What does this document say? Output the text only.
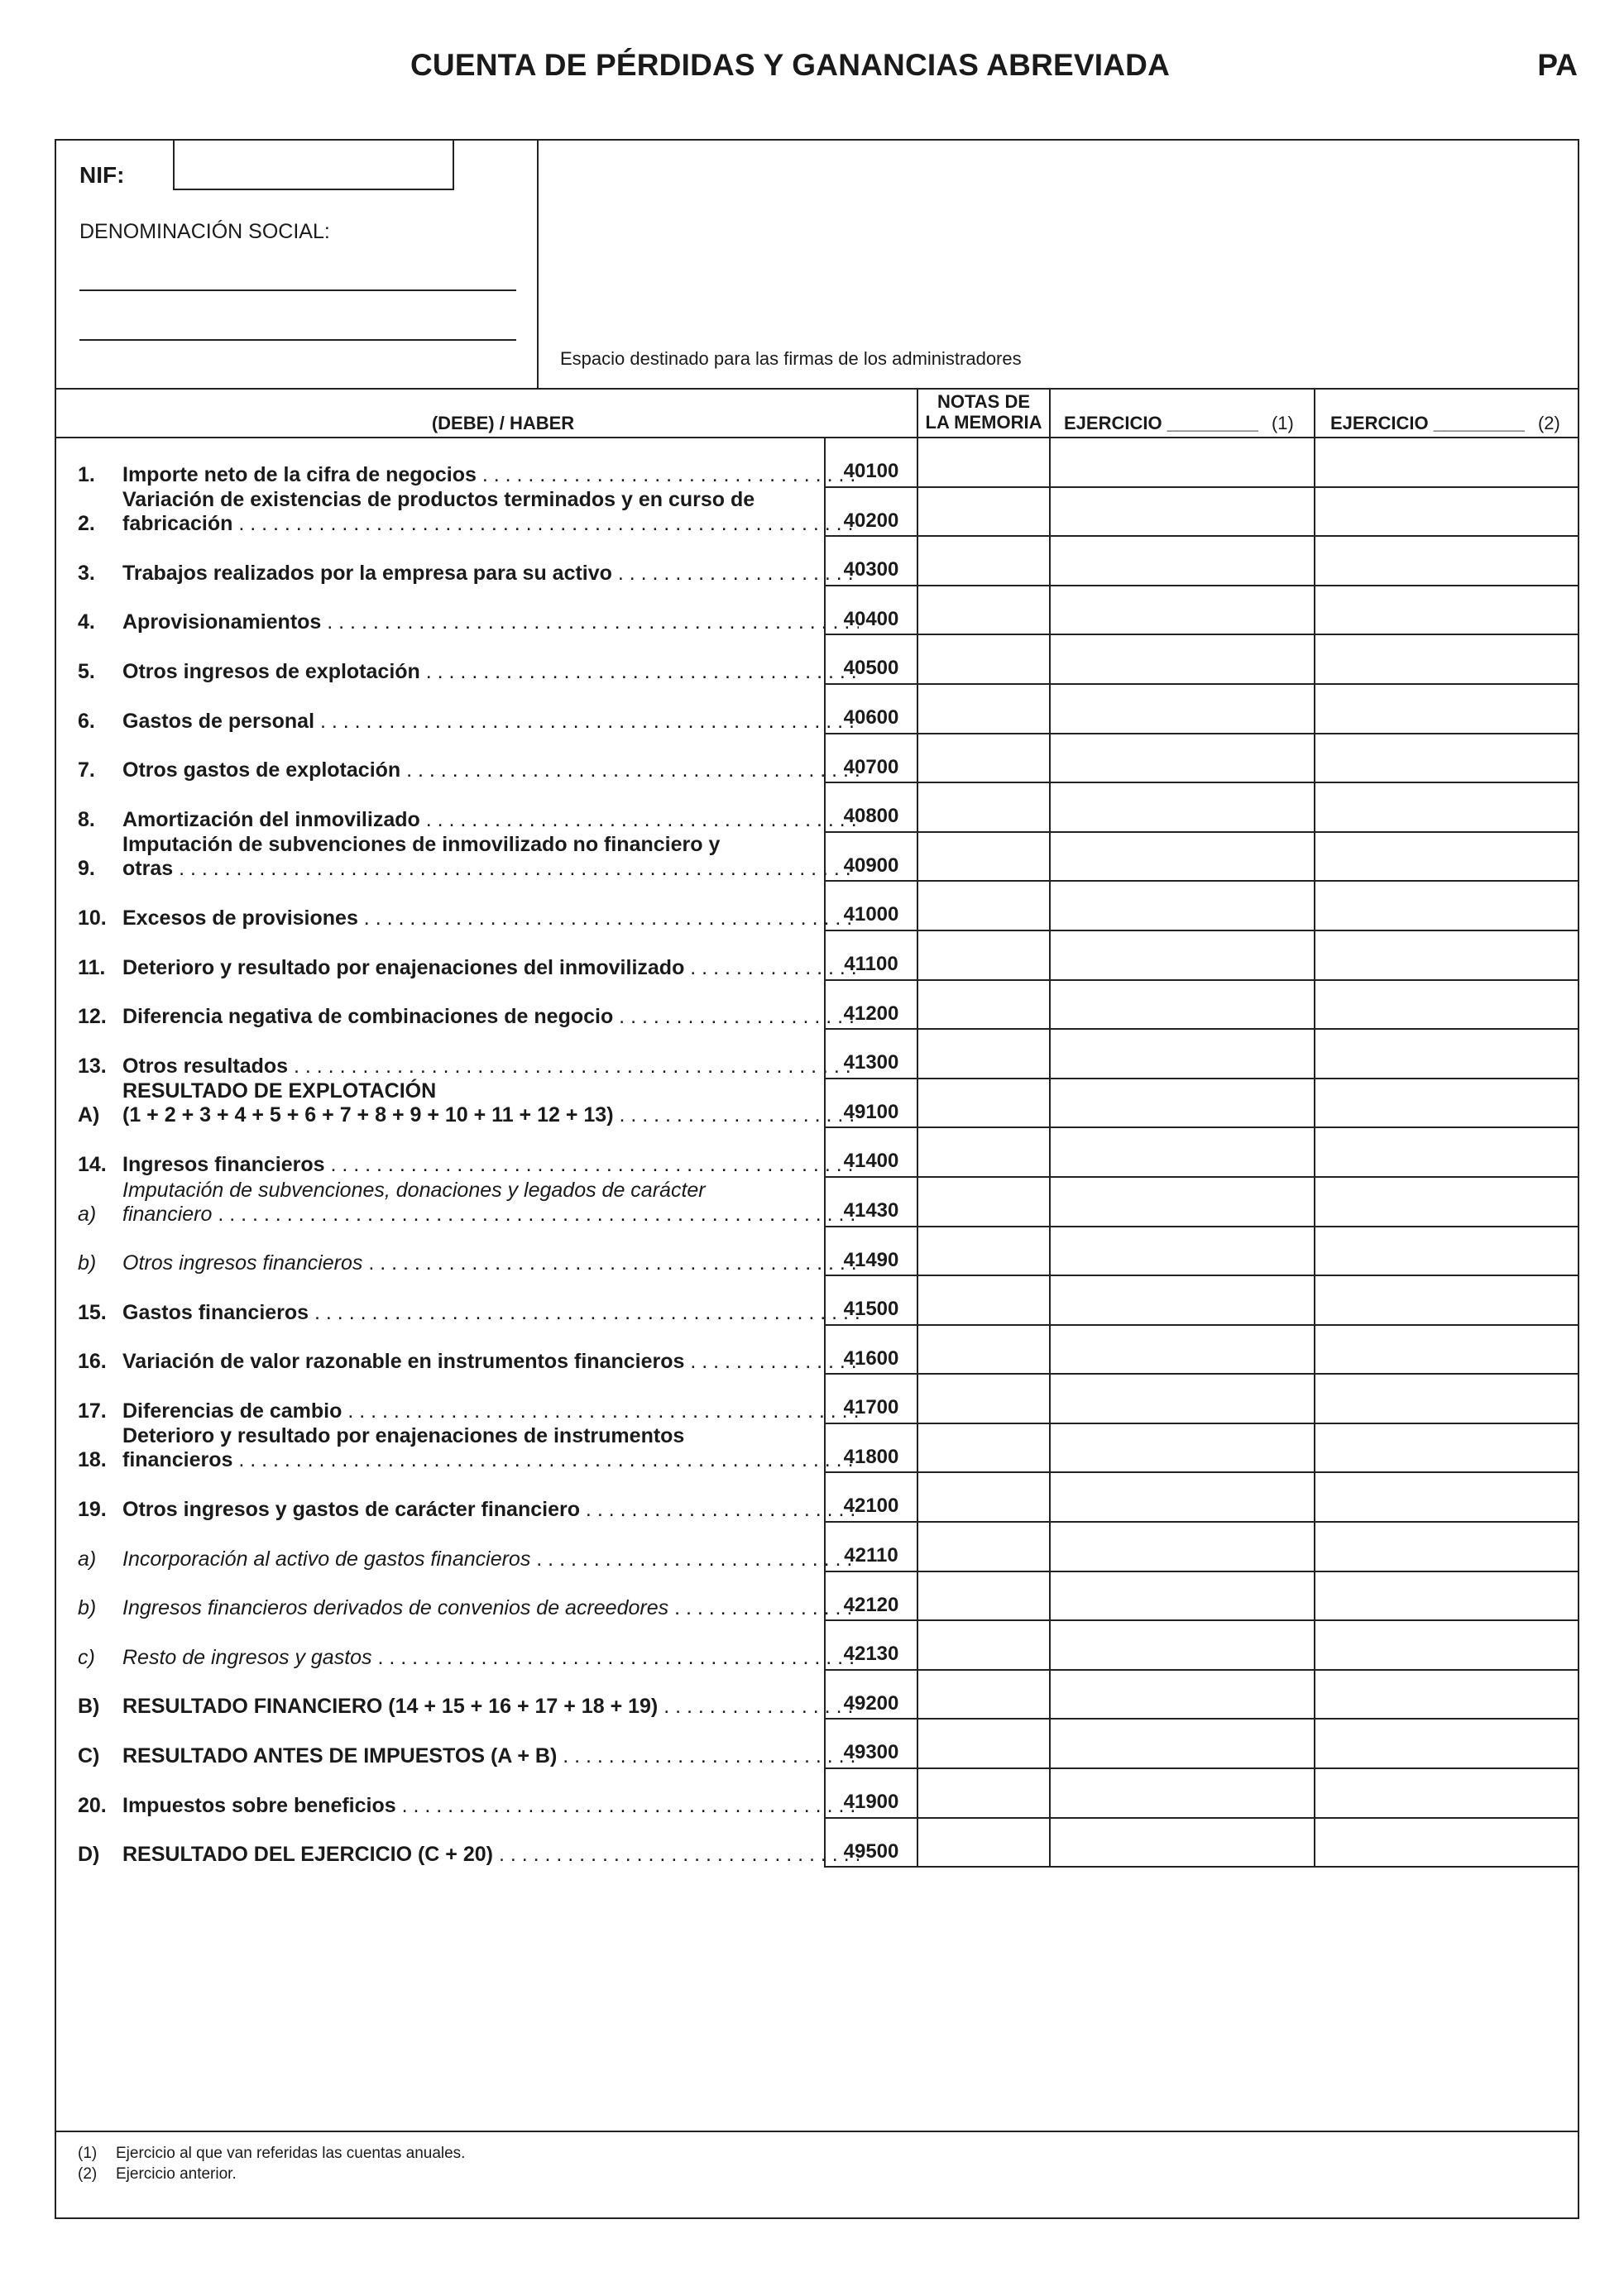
CUENTA DE PÉRDIDAS Y GANANCIAS ABREVIADA	PA
NIF:
DENOMINACIÓN SOCIAL:
Espacio destinado para las firmas de los administradores
(DEBE) / HABER
NOTAS DE
LA MEMORIA	EJERCICIO _________ (1)	EJERCICIO _________ (2)
1.	Importe neto de la cifra de negocios . . .	40100
2.
Variación de existencias de productos terminados y en curso de
fabricación . . .	40200
3.	Trabajos realizados por la empresa para su activo . . .	40300
4.	Aprovisionamientos . . .	40400
5.	Otros ingresos de explotación . . .	40500
6.	Gastos de personal . . .	40600
7.	Otros gastos de explotación . . .	40700
8.	Amortización del inmovilizado . . .	40800
9.
Imputación de subvenciones de inmovilizado no financiero y
otras . . .	40900
10. Excesos de provisiones . . .	41000
11. Deterioro y resultado por enajenaciones del inmovilizado . . .	41100
12. Diferencia negativa de combinaciones de negocio . . .	41200
13. Otros resultados . . .	41300
A)
RESULTADO DE EXPLOTACIÓN
(1 + 2 + 3 + 4 + 5 + 6 + 7 + 8 + 9 + 10 + 11 + 12 + 13) . . .	49100
14. Ingresos financieros . . .	41400
a)
Imputación de subvenciones, donaciones y legados de carácter
financiero . . .	41430
b)	Otros ingresos financieros . . .	41490
15. Gastos financieros . . .	41500
16. Variación de valor razonable en instrumentos financieros . . .	41600
17. Diferencias de cambio . . .	41700
18.
Deterioro y resultado por enajenaciones de instrumentos
financieros . . .	41800
19. Otros ingresos y gastos de carácter financiero . . .	42100
a)	Incorporación al activo de gastos financieros . . .	42110
b)	Ingresos financieros derivados de convenios de acreedores . . .	42120
c)	Resto de ingresos y gastos . . .	42130
B)	RESULTADO FINANCIERO (14 + 15 + 16 + 17 + 18 + 19) . . .	49200
C)	RESULTADO ANTES DE IMPUESTOS (A + B) . . .	49300
20. Impuestos sobre beneficios . . .	41900
D)	RESULTADO DEL EJERCICIO (C + 20) . . .	49500
(1) Ejercicio al que van referidas las cuentas anuales.
(2) Ejercicio anterior.
